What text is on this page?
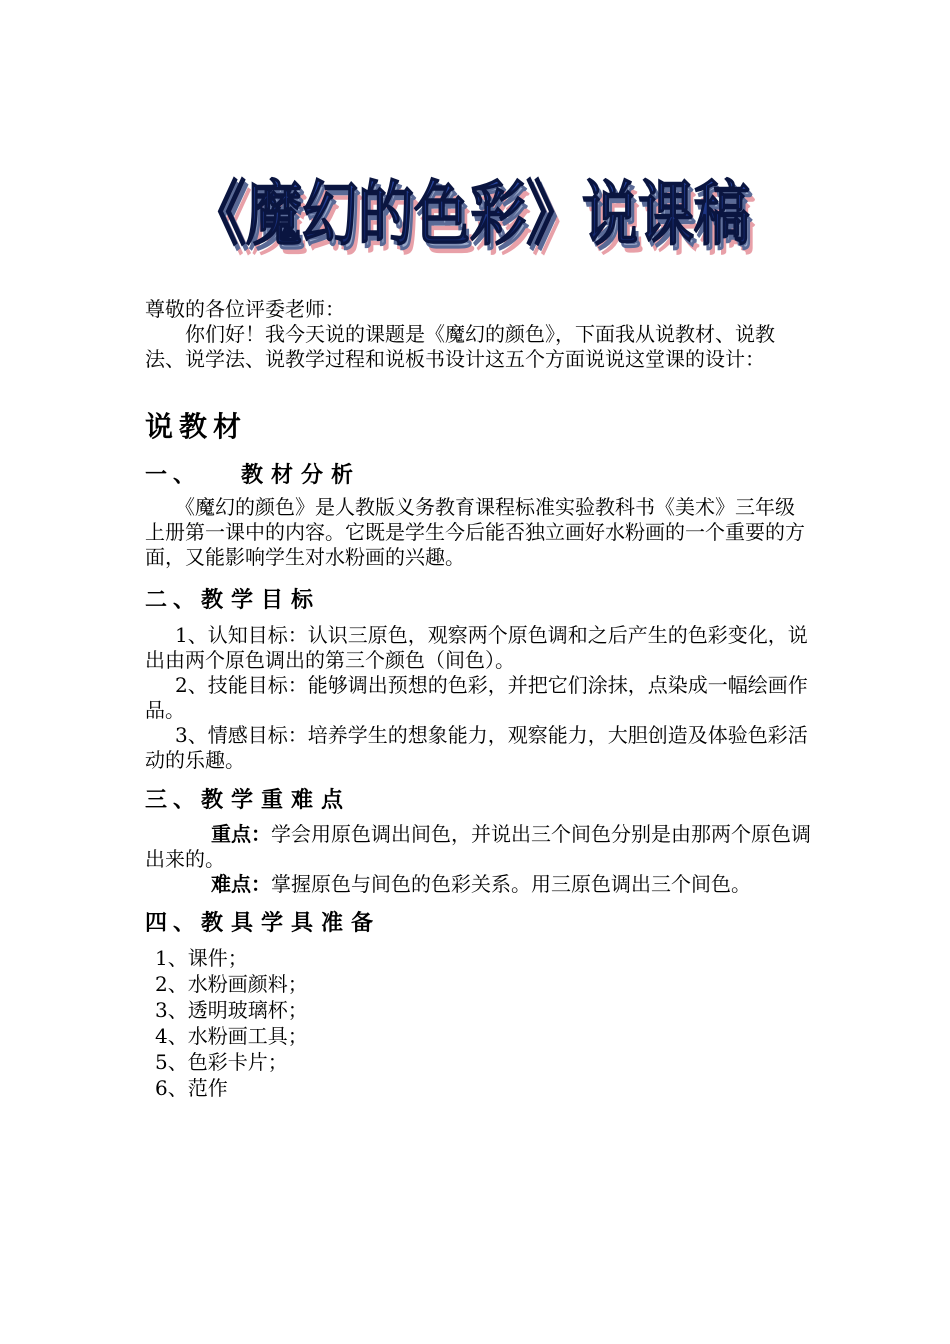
《魔幻的色彩》说课稿
《魔幻的色彩》说课稿
《魔幻的色彩》说课稿

尊敬的各位评委老师：

你们好！我今天说的课题是《魔幻的颜色》，下面我从说教材、说教法、说学法、说教学过程和说板书设计这五个方面说说这堂课的设计：

说教材
一、 教材分析

《魔幻的颜色》是人教版义务教育课程标准实验教科书《美术》三年级上册第一课中的内容。它既是学生今后能否独立画好水粉画的一个重要的方面，又能影响学生对水粉画的兴趣。

二、教学目标

1、认知目标：认识三原色，观察两个原色调和之后产生的色彩变化，说出由两个原色调出的第三个颜色（间色）。

2、技能目标：能够调出预想的色彩，并把它们涂抹，点染成一幅绘画作品。

3、情感目标：培养学生的想象能力，观察能力，大胆创造及体验色彩活动的乐趣。

三、教学重难点

重点：学会用原色调出间色，并说出三个间色分别是由那两个原色调出来的。

难点：掌握原色与间色的色彩关系。用三原色调出三个间色。

四、教具学具准备
1、课件；
2、水粉画颜料；
3、透明玻璃杯；
4、水粉画工具；
5、色彩卡片；
6、范作
